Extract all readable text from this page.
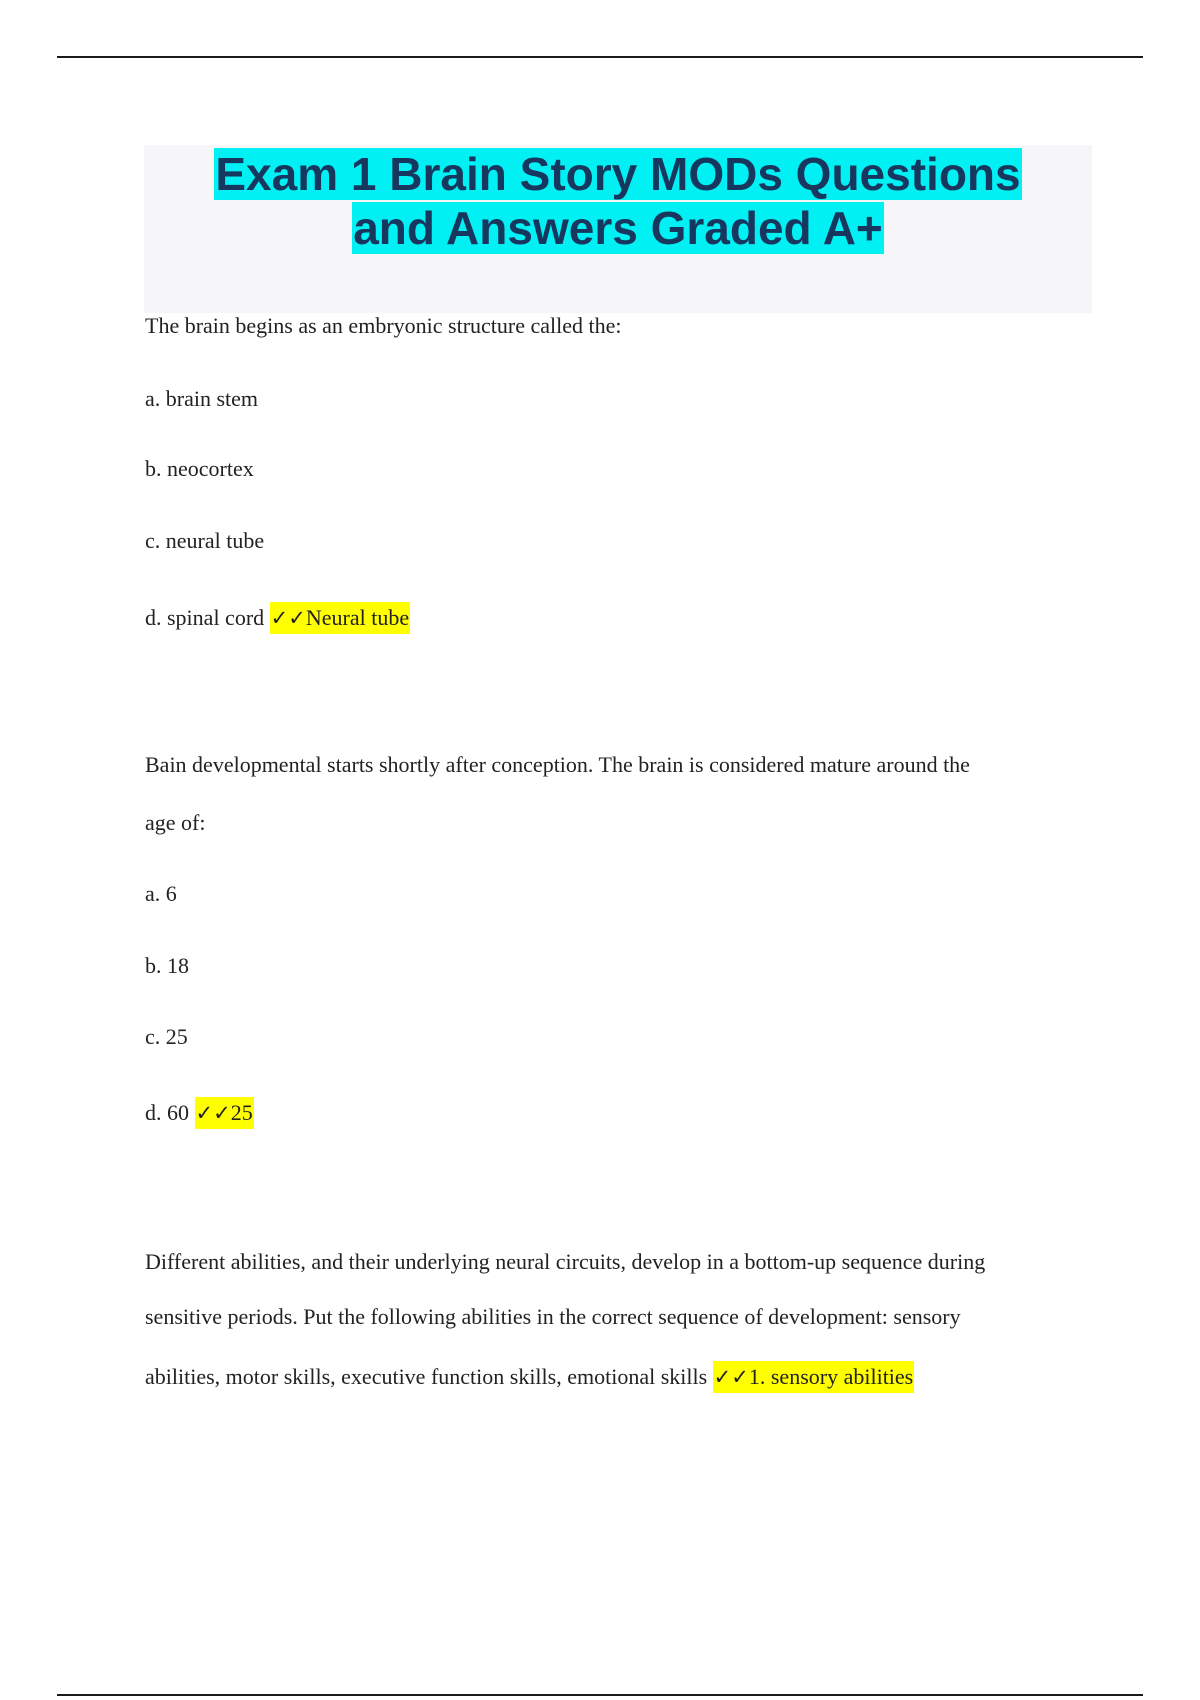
Exam 1 Brain Story MODs Questions
and Answers Graded A+
The brain begins as an embryonic structure called the:
a. brain stem
b. neocortex
c. neural tube
d. spinal cord ✓✓Neural tube
Bain developmental starts shortly after conception. The brain is considered mature around the
age of:
a. 6
b. 18
c. 25
d. 60 ✓✓25
Different abilities, and their underlying neural circuits, develop in a bottom-up sequence during
sensitive periods. Put the following abilities in the correct sequence of development: sensory
abilities, motor skills, executive function skills, emotional skills ✓✓1. sensory abilities
